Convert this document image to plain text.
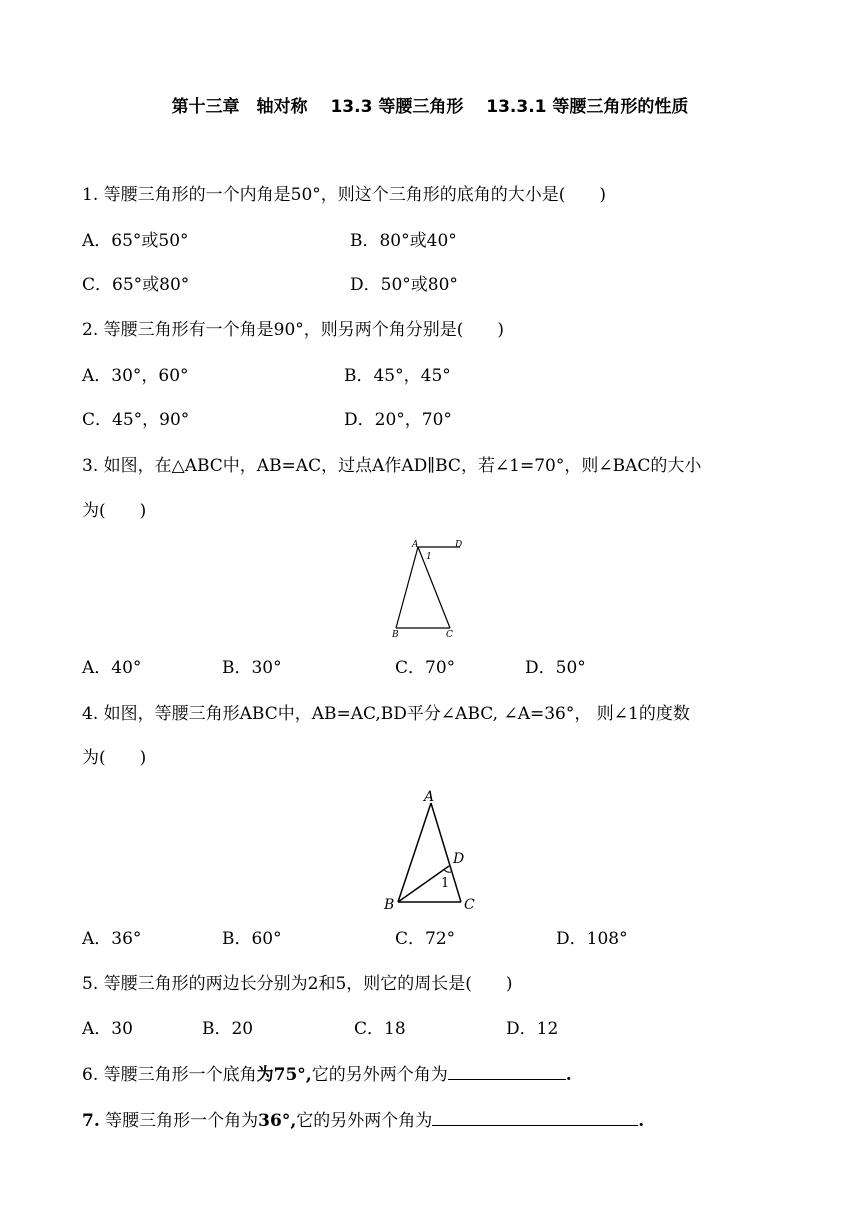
第十三章　轴对称　 13.3 等腰三角形　 13.3.1 等腰三角形的性质
1. 等腰三角形的一个内角是50°，则这个三角形的底角的大小是(　　)
A．65°或50°	B．80°或40°
C．65°或80°	D．50°或80°
2. 等腰三角形有一个角是90°，则另两个角分别是(　　)
A．30°，60°	B．45°，45°
C．45°，90°	D．20°，70°
3. 如图，在△ABC中，AB=AC，过点A作AD∥BC，若∠1=70°，则∠BAC的大小
为(　　)
A	D
1
B	C
A．40°	B．30°	C．70°	D．50°
4. 如图，等腰三角形ABC中，AB=AC,BD平分∠ABC, ∠A=36°， 则∠1的度数
为(　　)
A
D
1
B	C
A．36°	B．60°	C．72°	D．108°
5. 等腰三角形的两边长分别为2和5，则它的周长是(　　)
A．30	B．20	C．18	D．12
6. 等腰三角形一个底角为75°,它的另外两个角为	.
7. 等腰三角形一个角为36°,它的另外两个角为	.
